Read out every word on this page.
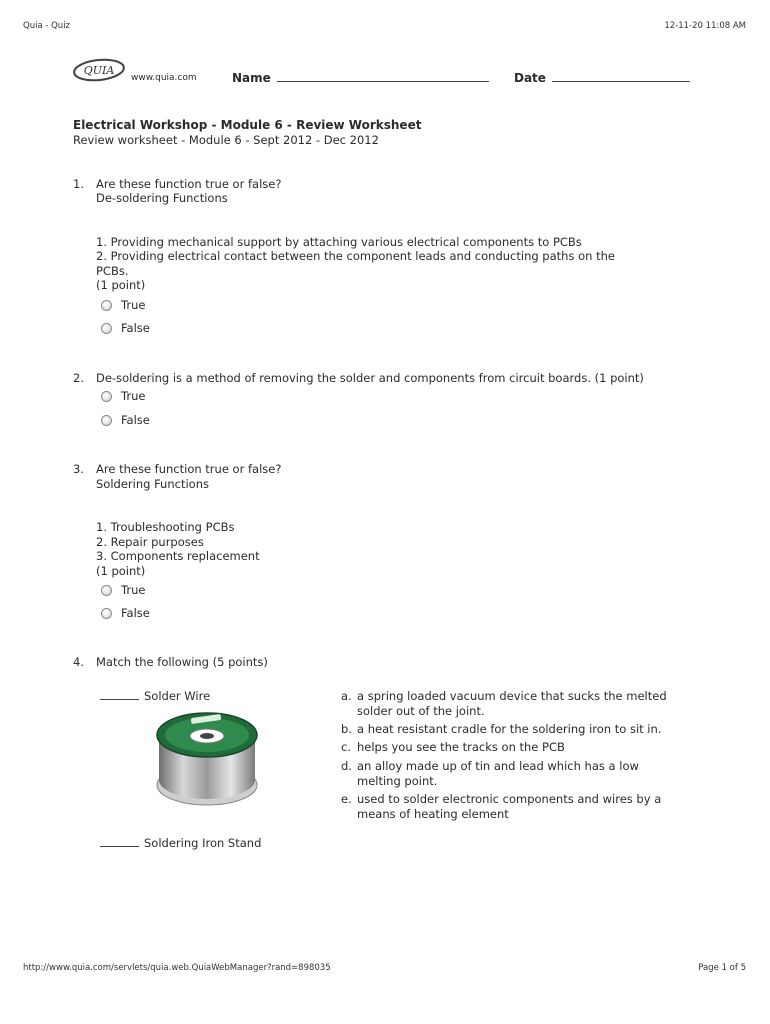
Quia - Quiz	12-11-20 11:08 AM
QUIA
www.quia.com	Name	Date
Electrical Workshop - Module 6 - Review Worksheet
Review worksheet - Module 6 - Sept 2012 - Dec 2012
1. Are these function true or false?
De-soldering Functions
1. Providing mechanical support by attaching various electrical components to PCBs
2. Providing electrical contact between the component leads and conducting paths on the
PCBs.
(1 point)
True
False
2. De-soldering is a method of removing the solder and components from circuit boards. (1 point)
True
False
3. Are these function true or false?
Soldering Functions
1. Troubleshooting PCBs
2. Repair purposes
3. Components replacement
(1 point)
True
False
4. Match the following (5 points)
Solder Wire
Soldering Iron Stand
a. a spring loaded vacuum device that sucks the melted
solder out of the joint.
b. a heat resistant cradle for the soldering iron to sit in.
c. helps you see the tracks on the PCB
d. an alloy made up of tin and lead which has a low
melting point.
e. used to solder electronic components and wires by a
means of heating element
http://www.quia.com/servlets/quia.web.QuiaWebManager?rand=898035	Page 1 of 5
